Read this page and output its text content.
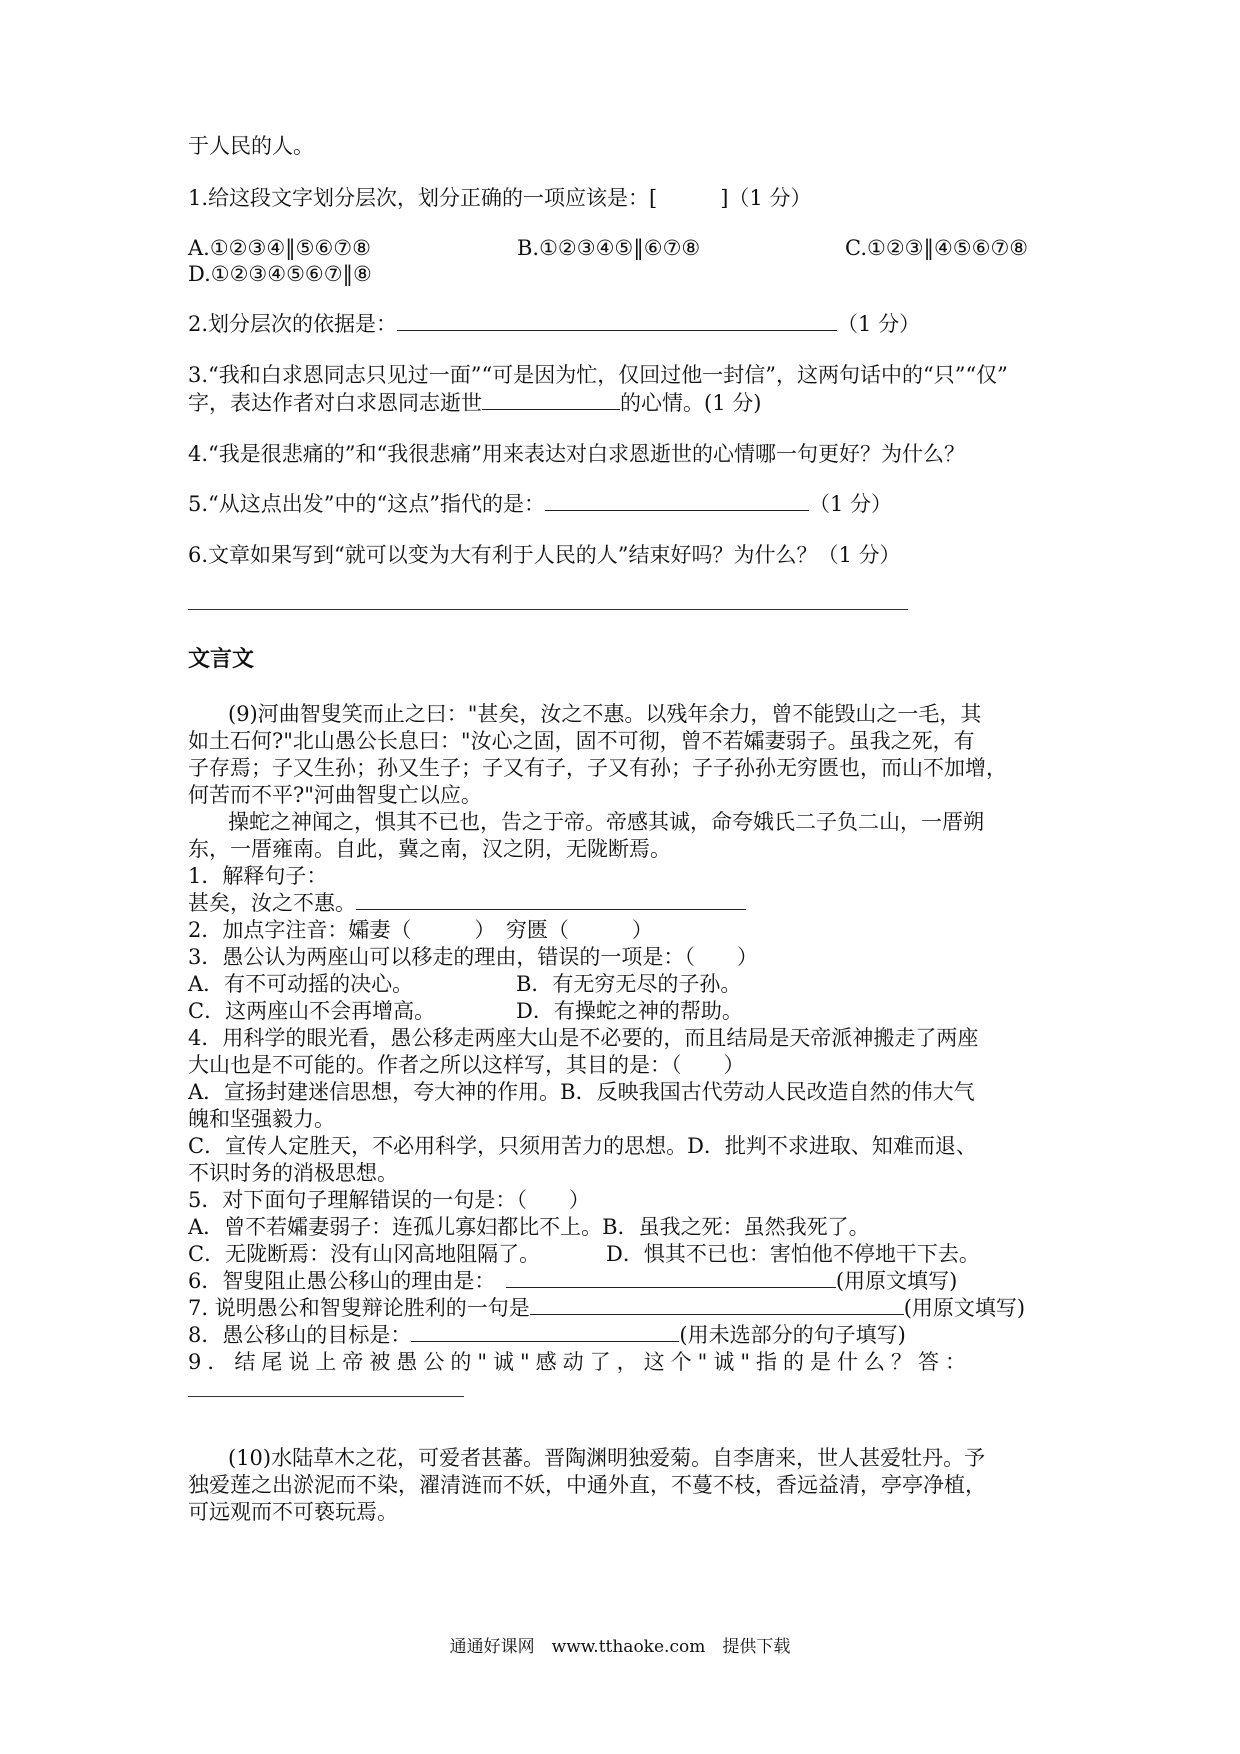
于人民的人。
1.给这段文字划分层次，划分正确的一项应该是：[　　　]（1 分）
A.①②③④‖⑤⑥⑦⑧	B.①②③④⑤‖⑥⑦⑧	C.①②③‖④⑤⑥⑦⑧
D.①②③④⑤⑥⑦‖⑧
2.划分层次的依据是：	（1 分）
3.“我和白求恩同志只见过一面”“可是因为忙，仅回过他一封信”，这两句话中的“只”“仅”
字，表达作者对白求恩同志逝世	的心情。(1 分)
4.“我是很悲痛的”和“我很悲痛”用来表达对白求恩逝世的心情哪一句更好？为什么？
5.“从这点出发”中的“这点”指代的是：	（1 分）
6.文章如果写到“就可以变为大有利于人民的人”结束好吗？为什么？（1 分）
文言文
(9)河曲智叟笑而止之曰："甚矣，汝之不惠。以残年余力，曾不能毁山之一毛，其
如土石何?"北山愚公长息曰："汝心之固，固不可彻，曾不若孀妻弱子。虽我之死，有
子存焉；子又生孙；孙又生子；子又有子，子又有孙；子子孙孙无穷匮也，而山不加增，
何苦而不平?"河曲智叟亡以应。
操蛇之神闻之，惧其不已也，告之于帝。帝感其诚，命夸娥氏二子负二山，一厝朔
东，一厝雍南。自此，冀之南，汉之阴，无陇断焉。
1．解释句子：
甚矣，汝之不惠。
2．加点字注音：孀妻（　　　）　 穷匮（　　　）
3．愚公认为两座山可以移走的理由，错误的一项是：（　　）
A．有不可动摇的决心。	B．有无穷无尽的子孙。
C．这两座山不会再增高。	D．有操蛇之神的帮助。
4．用科学的眼光看，愚公移走两座大山是不必要的，而且结局是天帝派神搬走了两座
大山也是不可能的。作者之所以这样写，其目的是：（　　）
A．宣扬封建迷信思想，夸大神的作用。B．反映我国古代劳动人民改造自然的伟大气
魄和坚强毅力。
C．宣传人定胜天，不必用科学，只须用苦力的思想。D．批判不求进取、知难而退、
不识时务的消极思想。
5．对下面句子理解错误的一句是：（　　）
A．曾不若孀妻弱子：连孤儿寡妇都比不上。B．虽我之死：虽然我死了。
C．无陇断焉：没有山冈高地阻隔了。	D．惧其不已也：害怕他不停地干下去。
6．智叟阻止愚公移山的理由是：　	(用原文填写)
7. 说明愚公和智叟辩论胜利的一句是	(用原文填写)
8．愚公移山的目标是：	(用未选部分的句子填写)
9．结尾说上帝被愚公的"诚"感动了，这个"诚"指的是什么？答：
(10)水陆草木之花，可爱者甚蕃。晋陶渊明独爱菊。自李唐来，世人甚爱牡丹。予
独爱莲之出淤泥而不染，濯清涟而不妖，中通外直，不蔓不枝，香远益清，亭亭净植，
可远观而不可亵玩焉。
通通好课网　www.tthaoke.com　提供下载
